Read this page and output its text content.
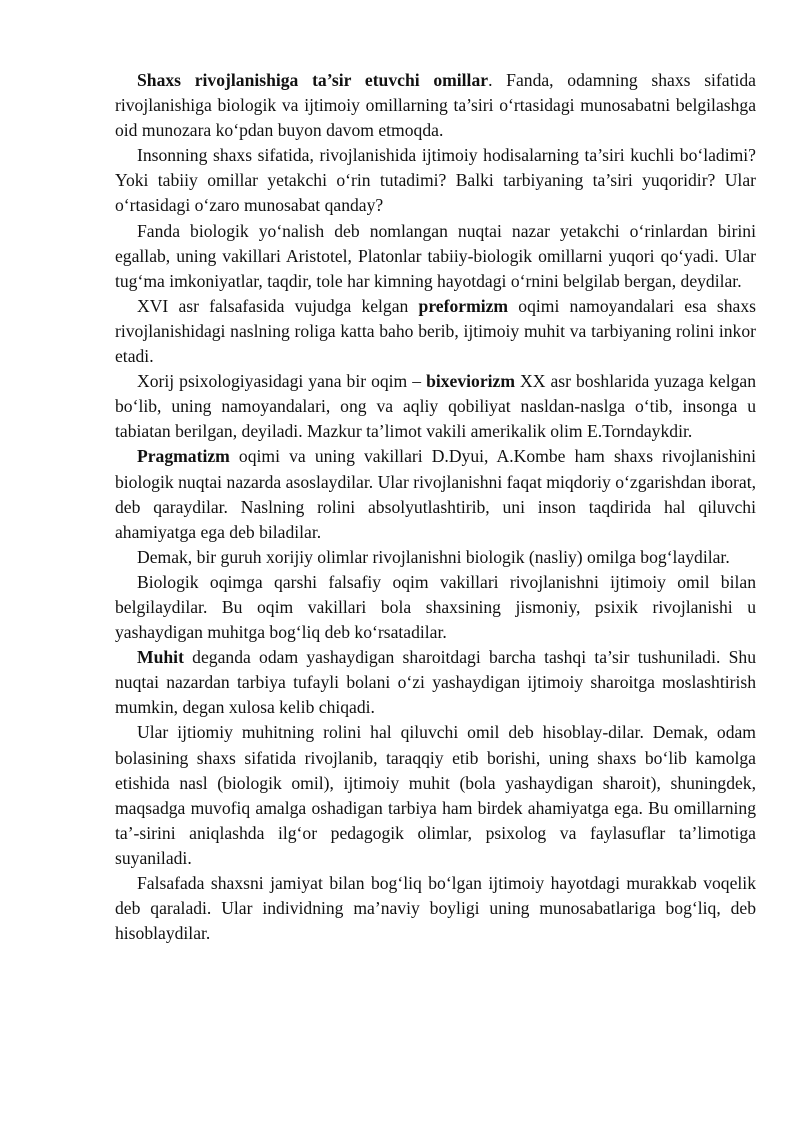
Shaxs rivojlanishiga ta’sir etuvchi omillar. Fanda, odamning shaxs sifatida rivojlanishiga biologik va ijtimoiy omillarning ta’siri o‘rtasidagi munosabatni belgilashga oid munozara ko‘pdan buyon davom etmoqda.

Insonning shaxs sifatida, rivojlanishida ijtimoiy hodisalarning ta’siri kuchli bo‘ladimi? Yoki tabiiy omillar yetakchi o‘rin tutadimi? Balki tarbiyaning ta’siri yuqoridir? Ular o‘rtasidagi o‘zaro munosabat qanday?

Fanda biologik yo‘nalish deb nomlangan nuqtai nazar yetakchi o‘rinlardan birini egallab, uning vakillari Aristotel, Platonlar tabiiy-biologik omillarni yuqori qo‘yadi. Ular tug‘ma imkoniyatlar, taqdir, tole har kimning hayotdagi o‘rnini belgilab bergan, deydilar.

XVI asr falsafasida vujudga kelgan preformizm oqimi namoyandalari esa shaxs rivojlanishidagi naslning roliga katta baho berib, ijtimoiy muhit va tarbiyaning rolini inkor etadi.

Xorij psixologiyasidagi yana bir oqim – bixeviorizm XX asr boshlarida yuzaga kelgan bo‘lib, uning namoyandalari, ong va aqliy qobiliyat nasldan-naslga o‘tib, insonga u tabiatan berilgan, deyiladi. Mazkur ta’limot vakili amerikalik olim E.Torndaykdir.

Pragmatizm oqimi va uning vakillari D.Dyui, A.Kombe ham shaxs rivojlanishini biologik nuqtai nazarda asoslaydilar. Ular rivojlanishni faqat miqdoriy o‘zgarishdan iborat, deb qaraydilar. Naslning rolini absolyutlashtirib, uni inson taqdirida hal qiluvchi ahamiyatga ega deb biladilar.

Demak, bir guruh xorijiy olimlar rivojlanishni biologik (nasliy) omilga bog‘laydilar.

Biologik oqimga qarshi falsafiy oqim vakillari rivojlanishni ijtimoiy omil bilan belgilaydilar. Bu oqim vakillari bola shaxsining jismoniy, psixik rivojlanishi u yashaydigan muhitga bog‘liq deb ko‘rsatadilar.

Muhit deganda odam yashaydigan sharoitdagi barcha tashqi ta’sir tushuniladi. Shu nuqtai nazardan tarbiya tufayli bolani o‘zi yashaydigan ijtimoiy sharoitga moslashtirish mumkin, degan xulosa kelib chiqadi.

Ular ijtiomiy muhitning rolini hal qiluvchi omil deb hisoblay-dilar. Demak, odam bolasining shaxs sifatida rivojlanib, taraqqiy etib borishi, uning shaxs bo‘lib kamolga etishida nasl (biologik omil), ijtimoiy muhit (bola yashaydigan sharoit), shuningdek, maqsadga muvofiq amalga oshadigan tarbiya ham birdek ahamiyatga ega. Bu omillarning ta’-sirini aniqlashda ilg‘or pedagogik olimlar, psixolog va faylasuflar ta’limotiga suyaniladi.

Falsafada shaxsni jamiyat bilan bog‘liq bo‘lgan ijtimoiy hayotdagi murakkab voqelik deb qaraladi. Ular individning ma’naviy boyligi uning munosabatlariga bog‘liq, deb hisoblaydilar.
